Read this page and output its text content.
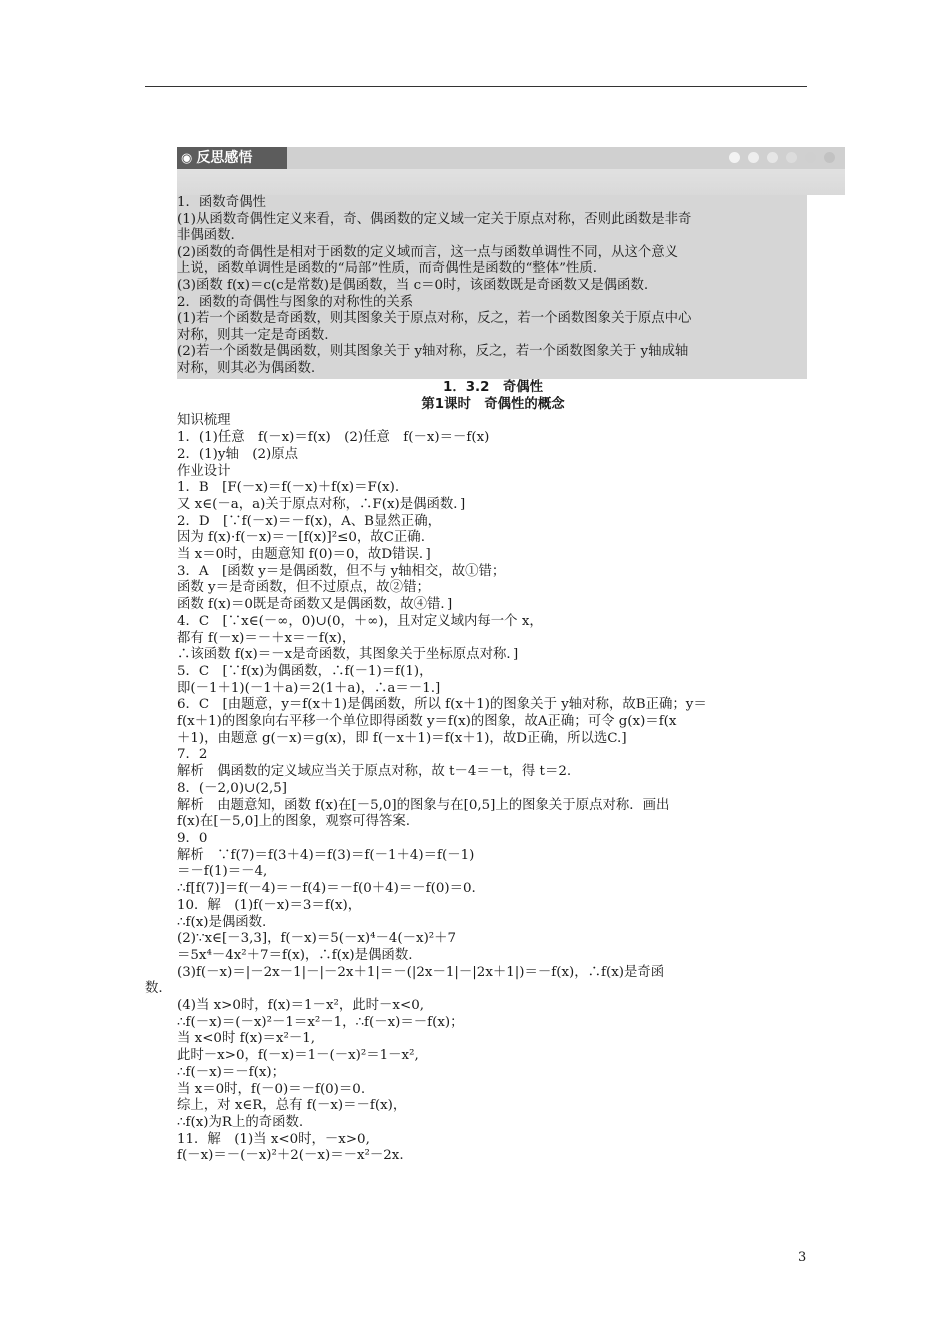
◉ 反思感悟

1．函数奇偶性

(1)从函数奇偶性定义来看，奇、偶函数的定义域一定关于原点对称，否则此函数是非奇

非偶函数.

(2)函数的奇偶性是相对于函数的定义域而言，这一点与函数单调性不同，从这个意义

上说，函数单调性是函数的“局部”性质，而奇偶性是函数的“整体”性质.

(3)函数 f(x)＝c(c是常数)是偶函数，当 c＝0时，该函数既是奇函数又是偶函数.

2．函数的奇偶性与图象的对称性的关系

(1)若一个函数是奇函数，则其图象关于原点对称，反之，若一个函数图象关于原点中心

对称，则其一定是奇函数.

(2)若一个函数是偶函数，则其图象关于 y轴对称，反之，若一个函数图象关于 y轴成轴

对称，则其必为偶函数.

1．3.2　奇偶性

第1课时　奇偶性的概念

知识梳理

1．(1)任意　f(－x)＝f(x)　(2)任意　f(－x)＝－f(x)

2．(1)y轴　(2)原点

作业设计

1．B　[F(－x)＝f(－x)＋f(x)＝F(x).

又 x∈(－a，a)关于原点对称，∴F(x)是偶函数．]

2．D　[∵f(－x)＝－f(x)，A、B显然正确，

因为 f(x)·f(－x)＝－[f(x)]²≤0，故C正确.

当 x＝0时，由题意知 f(0)＝0，故D错误．]

3．A　[函数 y＝是偶函数，但不与 y轴相交，故①错；

函数 y＝是奇函数，但不过原点，故②错；

函数 f(x)＝0既是奇函数又是偶函数，故④错．]

4．C　[∵x∈(－∞，0)∪(0，＋∞)，且对定义域内每一个 x，

都有 f(－x)＝－＋x＝－f(x)，

∴该函数 f(x)＝－x是奇函数，其图象关于坐标原点对称．]

5．C　[∵f(x)为偶函数，∴f(－1)＝f(1)，

即(－1＋1)(－1＋a)＝2(1＋a)，∴a＝－1.]

6．C　[由题意，y＝f(x＋1)是偶函数，所以 f(x＋1)的图象关于 y轴对称，故B正确；y＝

f(x＋1)的图象向右平移一个单位即得函数 y＝f(x)的图象，故A正确；可令 g(x)＝f(x

＋1)，由题意 g(－x)＝g(x)，即 f(－x＋1)＝f(x＋1)，故D正确，所以选C.]

7．2

解析　偶函数的定义域应当关于原点对称，故 t－4＝－t，得 t＝2.

8．(－2,0)∪(2,5]

解析　由题意知，函数 f(x)在[－5,0]的图象与在[0,5]上的图象关于原点对称．画出

f(x)在[－5,0]上的图象，观察可得答案.

9．0

解析　∵f(7)＝f(3＋4)＝f(3)＝f(－1＋4)＝f(－1)

＝－f(1)＝－4,

∴f[f(7)]＝f(－4)＝－f(4)＝－f(0＋4)＝－f(0)＝0.

10．解　(1)f(－x)＝3＝f(x)，

∴f(x)是偶函数.

(2)∵x∈[－3,3]，f(－x)＝5(－x)⁴－4(－x)²＋7

＝5x⁴－4x²＋7＝f(x)，∴f(x)是偶函数.

(3)f(－x)＝|－2x－1|－|－2x＋1|＝－(|2x－1|－|2x＋1|)＝－f(x)，∴f(x)是奇函

数.

(4)当 x>0时，f(x)＝1－x²，此时－x<0,

∴f(－x)＝(－x)²－1＝x²－1，∴f(－x)＝－f(x)；

当 x<0时 f(x)＝x²－1,

此时－x>0，f(－x)＝1－(－x)²＝1－x²,

∴f(－x)＝－f(x)；

当 x＝0时，f(－0)＝－f(0)＝0.

综上，对 x∈R，总有 f(－x)＝－f(x)，

∴f(x)为R上的奇函数.

11．解　(1)当 x<0时，－x>0,

f(－x)＝－(－x)²＋2(－x)＝－x²－2x.

3
